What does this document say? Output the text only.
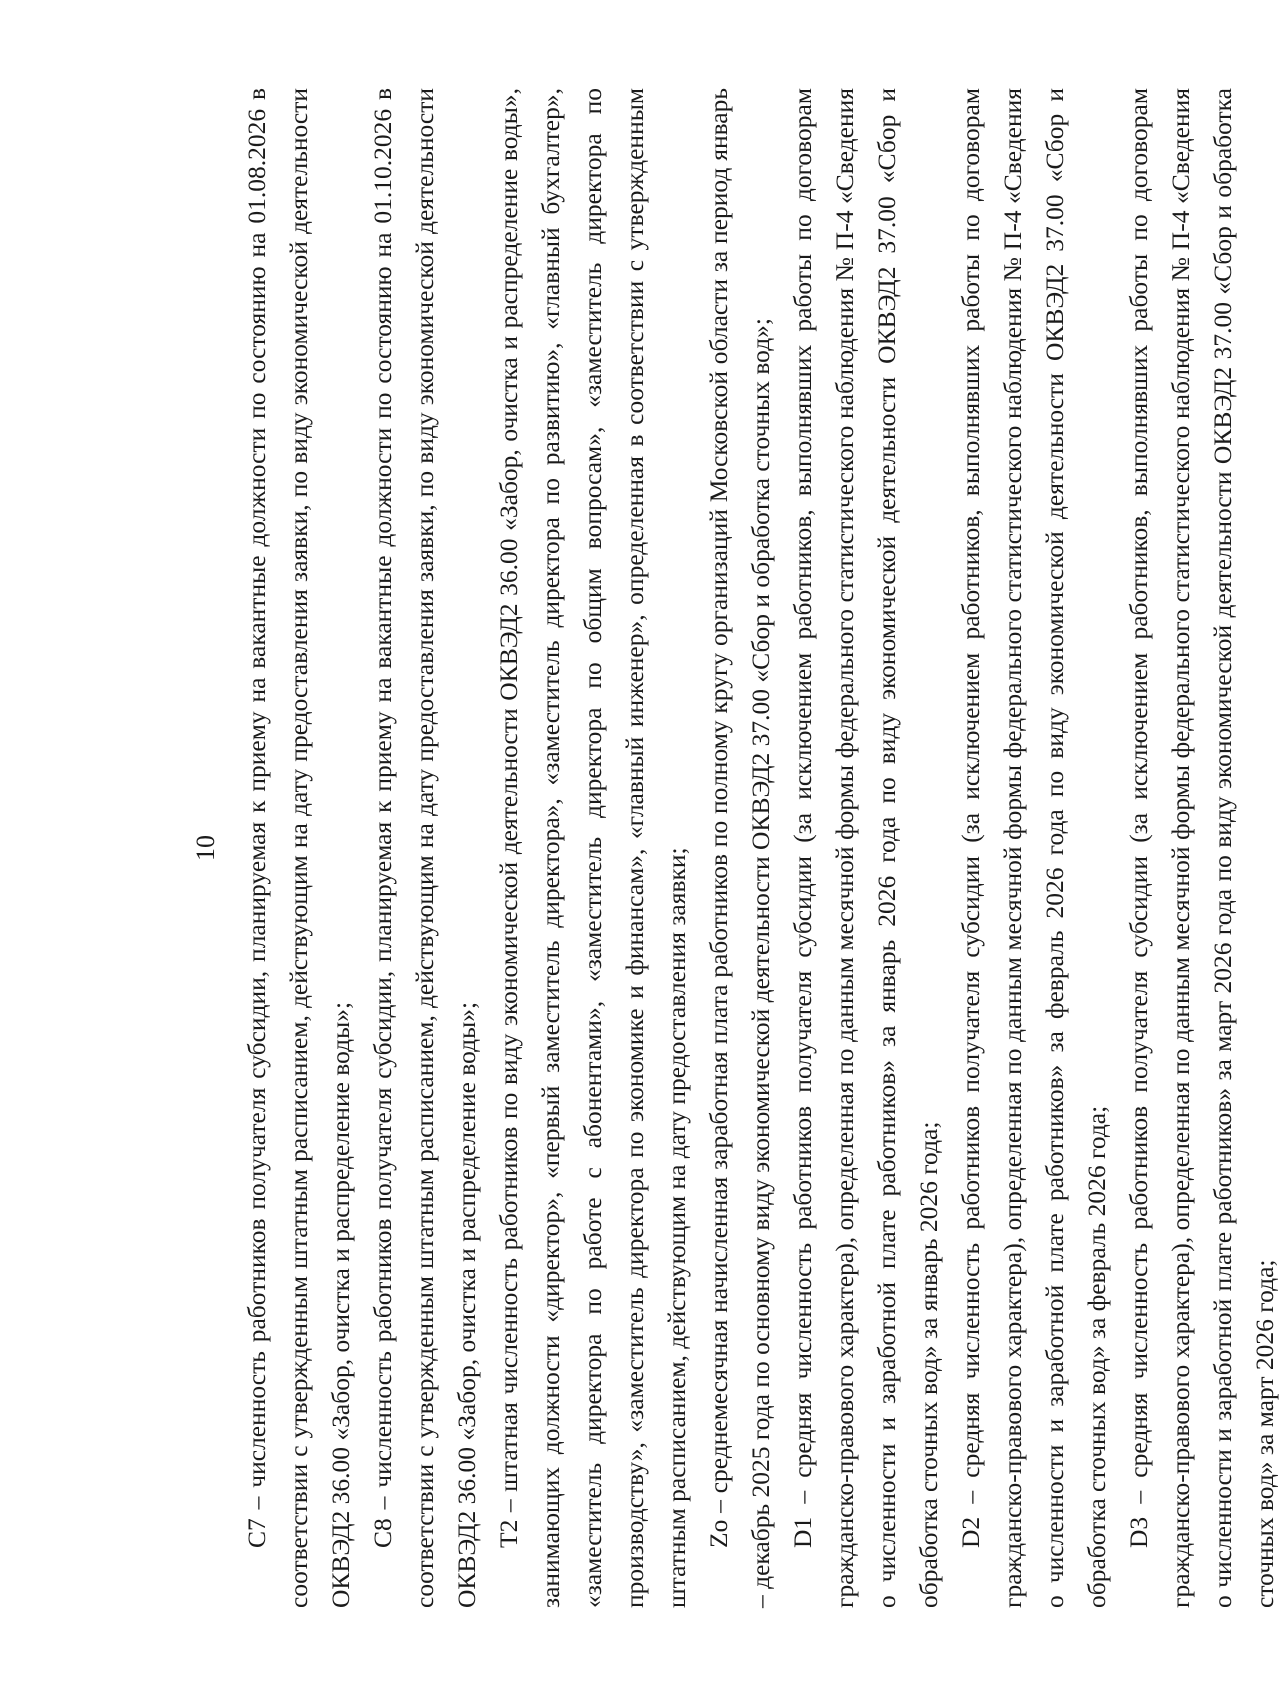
10 C7 – численность работников получателя субсидии, планируемая к приему на вакантные должности по состоянию на 01.08.2026 в соответствии с утвержденным штатным расписанием, действующим на дату предоставления заявки, по виду экономической деятельности ОКВЭД2 36.00 «Забор, очистка и распределение воды»; C8 – численность работников получателя субсидии, планируемая к приему на вакантные должности по состоянию на 01.10.2026 в соответствии с утвержденным штатным расписанием, действующим на дату предоставления заявки, по виду экономической деятельности ОКВЭД2 36.00 «Забор, очистка и распределение воды»; T2 – штатная численность работников по виду экономической деятельности ОКВЭД2 36.00 «Забор, очистка и распределение воды», занимающих должности «директор», «первый заместитель директора», «заместитель директора по развитию», «главный бухгалтер», «заместитель директора по работе с абонентами», «заместитель директора по общим вопросам», «заместитель директора по производству», «заместитель директора по экономике и финансам», «главный инженер», определенная в соответствии с утвержденным штатным расписанием, действующим на дату предоставления заявки; Zo – среднемесячная начисленная заработная плата работников по полному кругу организаций Московской области за период январь – декабрь 2025 года по основному виду экономической деятельности ОКВЭД2 37.00 «Сбор и обработка сточных вод»; D1 – средняя численность работников получателя субсидии (за исключением работников, выполнявших работы по договорам гражданско-правового характера), определенная по данным месячной формы федерального статистического наблюдения № П-4 «Сведения о численности и заработной плате работников» за январь 2026 года по виду экономической деятельности ОКВЭД2 37.00 «Сбор и обработка сточных вод» за январь 2026 года; D2 – средняя численность работников получателя субсидии (за исключением работников, выполнявших работы по договорам гражданско-правового характера), определенная по данным месячной формы федерального статистического наблюдения № П-4 «Сведения о численности и заработной плате работников» за февраль 2026 года по виду экономической деятельности ОКВЭД2 37.00 «Сбор и обработка сточных вод» за февраль 2026 года; D3 – средняя численность работников получателя субсидии (за исключением работников, выполнявших работы по договорам гражданско-правового характера), определенная по данным месячной формы федерального статистического наблюдения № П-4 «Сведения о численности и заработной плате работников» за март 2026 года по виду экономической деятельности ОКВЭД2 37.00 «Сбор и обработка сточных вод» за март 2026 года;
